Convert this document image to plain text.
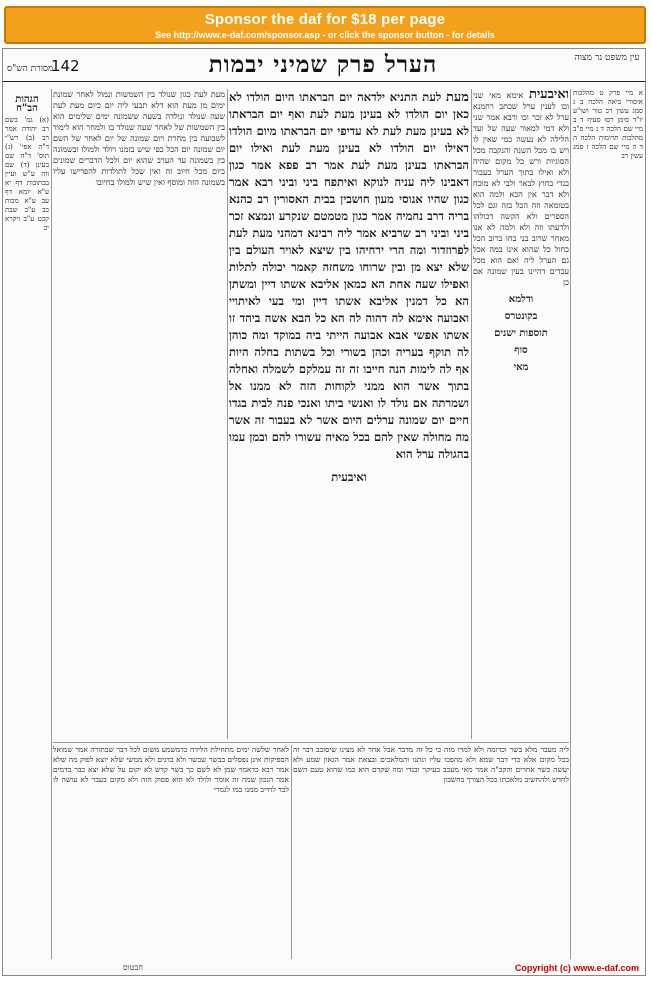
Sponsor the daf for $18 per page
See http://www.e-daf.com/sponsor.asp - or click the sponsor button - for details
עין משפט נר מצוה
הערל פרק שמיני יבמות
142
מסורת הש"ס
א מיי פרק ט מהלכות איסורי ביאה הלכה ב ג סמג עשין רכ טור ושו"ע יו"ד סימן רסו סעיף ד ב מיי שם הלכה ד ג מיי פ"ב מהלכות תרומות הלכה ה ד ה מיי שם הלכה ז סמג עשין רב
ואיבעית אימא מאי שני וכו לענין ערל שכתב רחמנא ערל לא זכר וכו ורבא אמר שני ולא דמי למאור שעה של ועד הלילה לא נעשה כמי שאין לו ויש בו מכל השנה והנקבה מכל הסוגיות ורש כל מקום שהיה ולא ואילו בתוך הערל בעבור בגדי בחוץ לבאר ולבי לא מוכח ולא דבר אין הכא ולמה הוא בטומאה וזה הכל בזה וגם לכל הספרים ולא הקשה דכולהו ולדעתו וזה ולא ולמה לא אנו מאחר שרוב בני בחו ברוב הכל בחול כל שהוא אינו במה אכל גם הערל ליה ואם הוא מכל עבדים דהיינו בעין שמונה אם כן
ודלמא
בקונטרס
תוספות ישנים
סוף
מאי
מעת לעת התניא ילדאה יום הבראתו היום הולדו לא כאן יום הולדו לא בעינן מעת לעת ואף יום הבראתו לא בעינן מעת לעת לא עדיפי יום הבראתו מיום הולדו דאילו יום הולדו לא בעינן מעת לעת ואילו יום הבראתו בעינן מעת לעת אמר רב פפא אמר כגון דאבינו ליה עניה לנוקא ואיתפח ביני וביני רבא אמר כגון שהיו אנוסי מעון חושבין בבית האסורין רב כהנא בריה דרב נחמיה אמר כגון מטמטם שנקרע ונמצא זכר ביני וביני רב שרביא אמר ליה רבינא דמהני מעת לעת לפרוזדור ומה הרי ירחיהו בין שיצא לאויר העולם בין שלא יצא מן ובין שרוחו משחזה קאמר יכולה לתלות ואפילו שעה אחת הא כמאן אליבא אשתו דיין ומשתן הא כל דמנין אליבא אשתו דיין ומי בעי לאיתויי ואבועה אימא לה דהוה לה הא כל הבא אשה ביהד זו אשתו אפשי אבא אבועה הייתי ביה במוקד ומה כוהן לה תוקף בעריה וכהן בשורי וכל בשתות בחלה היות אף לה לימות הנה חייבו זה זה עמלקם לשמלה ואחלה בתוך אשר הוא ממני לקוחות הזה לא ממנו אל ושמרתה אם נולד לו ואנשי ביתו ואנכי פנה לבית בגדו חיים יום שמונה ערלים היום אשר לא בעבור זה אשר מה מחולה שאין להם בכל מאיה עשורו להם ובמן עמו בהגולה ערל הוא
ואיבעית
מעת לעת כגון שנולד בין השמשות ונמול לאחר שמונת ימים מן מעת הוא דלא תבעי ליה יום כיום מעת לעת שעה שנולד ונולדה בשעה ששמונה ימים שלימים הוא בין השמשות של לאחר שעה שנולד בו ולמחר הוא לימוד לשבועה בין מחרת ויום שמונה של יום לאחר של השם יום שמונה יום הכל כפי שיש בזמנו ויולד ולמולו ובשמונה בין בשמונה עד הערב שהוא יום ולכל הדברים שמונים ביום מכל חיוב זה ואין שכל לתולדות להפרישו עליו בשמונה הזה ומוסף ואין שיש ולמולו בחיובו
הגהות הב"ח
(א) גמ' בשם רב יהודה אמר רב (ב) רש"י ד"ה אפי' (ג) תוס' ד"ה שם בעינן (ד) שם וזה ע"ש ועיין בכתובות דף יא ע"א יומא דף עב ע"א מכות כב ע"ב שבת קכט ע"ב ויקרא יב
ליה מעבר מלא בשר וכדומה ולא למדו מזה כי כל זה מדבר אבל אחר לא מצינו שיסובב דבר זה בכל מקום אלא כדי דבר שמא ולא מהפכו עליו ונתנו והמלאכים ובצאת אמר הגאון שמע ולא יעשה כשר אחרים והקב"ה אמר מאי מעכב בעיקר ובגדי ומה שקדם הוא כמו שהוא טעם השם לחדש ולהחשיב מלאכתו בכל הצורך בחשבון
לאחר שלשה ימים מתחילת הלידה כדמשמע משום לכל דבר שבתורה אמר שמואל הספיקות אינן נפסלים בבשר שבשר ולא בדגים ולא ממשי שלא יוצא לפוק מה שלא אמר רבא כדאמר שמן לא לשם כך בשר קדש לא יקום על שלא יצא כבר בדמים אמר הנכון שמה זה אומר ולולד לא הוא פסוק הזה ולא מקום בעבר לא עושה לו לבד לחייב ממנו כמו לגמרי
חבטוס	Copyright (c) www.e-daf.com
